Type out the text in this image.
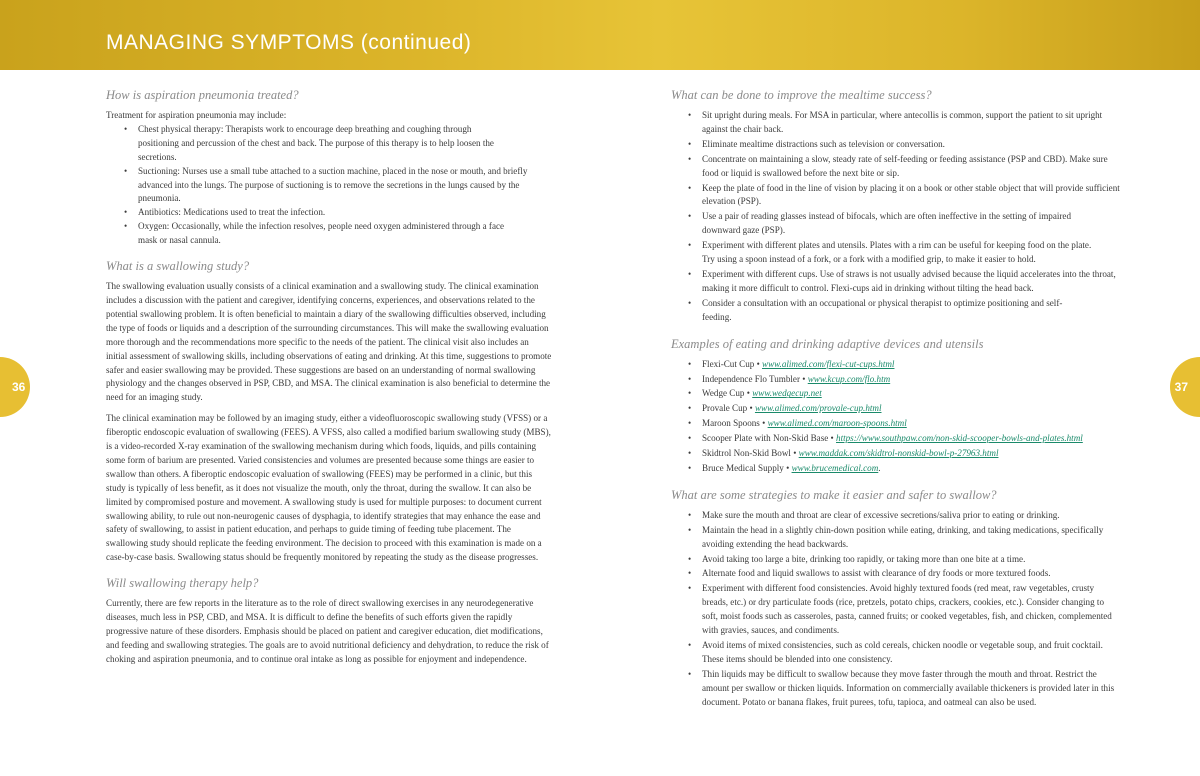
MANAGING SYMPTOMS (continued)
36	37
How is aspiration pneumonia treated?

Treatment for aspiration pneumonia may include:

• Chest physical therapy: Therapists work to encourage deep breathing and coughing through positioning and percussion of the chest and back. The purpose of this therapy is to help loosen the secretions.
• Suctioning: Nurses use a small tube attached to a suction machine, placed in the nose or mouth, and briefly advanced into the lungs. The purpose of suctioning is to remove the secretions in the lungs caused by the pneumonia.
• Antibiotics: Medications used to treat the infection.
• Oxygen: Occasionally, while the infection resolves, people need oxygen administered through a face mask or nasal cannula.
What is a swallowing study?

The swallowing evaluation usually consists of a clinical examination and a swallowing study. The clinical examination includes a discussion with the patient and caregiver, identifying concerns, experiences, and observations related to the potential swallowing problem. It is often beneficial to maintain a diary of the swallowing difficulties observed, including the type of foods or liquids and a description of the surrounding circumstances. This will make the swallowing evaluation more thorough and the recommendations more specific to the needs of the patient. The clinical visit also includes an initial assessment of swallowing skills, including observations of eating and drinking. At this time, suggestions to promote safer and easier swallowing may be provided. These suggestions are based on an understanding of normal swallowing physiology and the changes observed in PSP, CBD, and MSA. The clinical examination is also beneficial to determine the need for an imaging study.

The clinical examination may be followed by an imaging study, either a videofluoroscopic swallowing study (VFSS) or a fiberoptic endoscopic evaluation of swallowing (FEES). A VFSS, also called a modified barium swallowing study (MBS), is a video-recorded X-ray examination of the swallowing mechanism during which foods, liquids, and pills containing some form of barium are presented. Varied consistencies and volumes are presented because some things are easier to swallow than others. A fiberoptic endoscopic evaluation of swallowing (FEES) may be performed in a clinic, but this study is typically of less benefit, as it does not visualize the mouth, only the throat, during the swallow. It can also be limited by compromised posture and movement. A swallowing study is used for multiple purposes: to document current swallowing ability, to rule out non-neurogenic causes of dysphagia, to identify strategies that may enhance the ease and safety of swallowing, to assist in patient education, and perhaps to guide timing of feeding tube placement. The swallowing study should replicate the feeding environment. The decision to proceed with this examination is made on a case-by-case basis. Swallowing status should be frequently monitored by repeating the study as the disease progresses.

Will swallowing therapy help?

Currently, there are few reports in the literature as to the role of direct swallowing exercises in any neurodegenerative diseases, much less in PSP, CBD, and MSA. It is difficult to define the benefits of such efforts given the rapidly progressive nature of these disorders. Emphasis should be placed on patient and caregiver education, diet modifications, and feeding and swallowing strategies. The goals are to avoid nutritional deficiency and dehydration, to reduce the risk of choking and aspiration pneumonia, and to continue oral intake as long as possible for enjoyment and independence.

What can be done to improve the mealtime success?
• Sit upright during meals. For MSA in particular, where antecollis is common, support the patient to sit upright against the chair back.
• Eliminate mealtime distractions such as television or conversation.
• Concentrate on maintaining a slow, steady rate of self-feeding or feeding assistance (PSP and CBD). Make sure food or liquid is swallowed before the next bite or sip.
• Keep the plate of food in the line of vision by placing it on a book or other stable object that will provide sufficient elevation (PSP).
• Use a pair of reading glasses instead of bifocals, which are often ineffective in the setting of impaired downward gaze (PSP).
• Experiment with different plates and utensils. Plates with a rim can be useful for keeping food on the plate. Try using a spoon instead of a fork, or a fork with a modified grip, to make it easier to hold.
• Experiment with different cups. Use of straws is not usually advised because the liquid accelerates into the throat, making it more difficult to control. Flexi-cups aid in drinking without tilting the head back.
• Consider a consultation with an occupational or physical therapist to optimize positioning and self-feeding.
Examples of eating and drinking adaptive devices and utensils
• Flexi-Cut Cup • www.alimed.com/flexi-cut-cups.html
• Independence Flo Tumbler • www.kcup.com/flo.htm
• Wedge Cup • www.wedgecup.net
• Provale Cup • www.alimed.com/provale-cup.html
• Maroon Spoons • www.alimed.com/maroon-spoons.html
• Scooper Plate with Non-Skid Base • https://www.southpaw.com/non-skid-scooper-bowls-and-plates.html
• Skidtrol Non-Skid Bowl • www.maddak.com/skidtrol-nonskid-bowl-p-27963.html
• Bruce Medical Supply • www.brucemedical.com.
What are some strategies to make it easier and safer to swallow?
• Make sure the mouth and throat are clear of excessive secretions/saliva prior to eating or drinking.
• Maintain the head in a slightly chin-down position while eating, drinking, and taking medications, specifically avoiding extending the head backwards.
• Avoid taking too large a bite, drinking too rapidly, or taking more than one bite at a time.
• Alternate food and liquid swallows to assist with clearance of dry foods or more textured foods.
• Experiment with different food consistencies. Avoid highly textured foods (red meat, raw vegetables, crusty breads, etc.) or dry particulate foods (rice, pretzels, potato chips, crackers, cookies, etc.). Consider changing to soft, moist foods such as casseroles, pasta, canned fruits; or cooked vegetables, fish, and chicken, complemented with gravies, sauces, and condiments.
• Avoid items of mixed consistencies, such as cold cereals, chicken noodle or vegetable soup, and fruit cocktail. These items should be blended into one consistency.
• Thin liquids may be difficult to swallow because they move faster through the mouth and throat. Restrict the amount per swallow or thicken liquids. Information on commercially available thickeners is provided later in this document. Potato or banana flakes, fruit purees, tofu, tapioca, and oatmeal can also be used.
